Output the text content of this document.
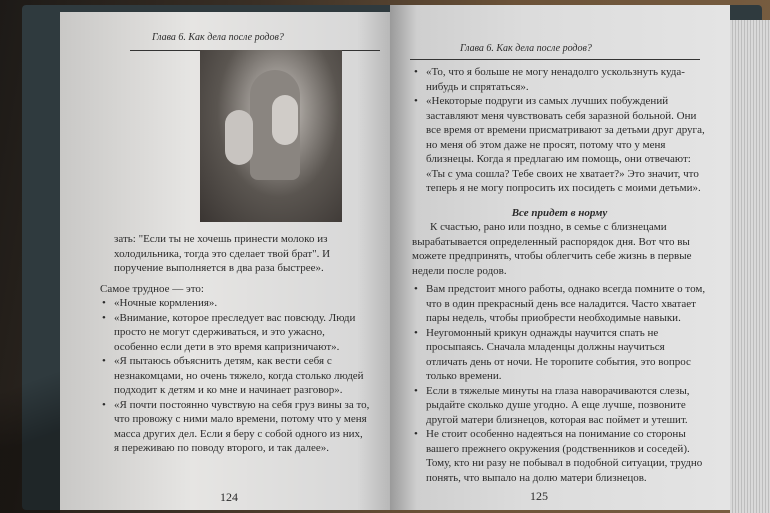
Глава 6. Как дела после родов?

зать: "Если ты не хочешь принести молоко из холодильника, тогда это сделает твой брат". И поручение выполняется в два раза быстрее».

Самое трудное — это:

• «Ночные кормления».

• «Внимание, которое преследует вас повсюду. Люди просто не могут сдерживаться, и это ужасно, особенно если дети в это время капризничают».

• «Я пытаюсь объяснить детям, как вести себя с незнакомцами, но очень тяжело, когда столько людей подходит к детям и ко мне и начинает разговор».

• «Я почти постоянно чувствую на себя груз вины за то, что провожу с ними мало времени, потому что у меня масса других дел. Если я беру с собой одного из них, я переживаю по поводу второго, и так далее».

124
Глава 6. Как дела после родов?

• «То, что я больше не могу ненадолго ускользнуть куда-нибудь и спрятаться».

• «Некоторые подруги из самых лучших побуждений заставляют меня чувствовать себя заразной больной. Они все время от времени присматривают за детьми друг друга, но меня об этом даже не просят, потому что у меня близнецы. Когда я предлагаю им помощь, они отвечают: «Ты с ума сошла? Тебе своих не хватает?» Это значит, что теперь я не могу попросить их посидеть с моими детьми».

Все придет в норму

К счастью, рано или поздно, в семье с близнецами вырабатывается определенный распорядок дня. Вот что вы можете предпринять, чтобы облегчить себе жизнь в первые недели после родов.

• Вам предстоит много работы, однако всегда помните о том, что в один прекрасный день все наладится. Часто хватает пары недель, чтобы приобрести необходимые навыки.

• Неугомонный крикун однажды научится спать не просыпаясь. Сначала младенцы должны научиться отличать день от ночи. Не торопите события, это вопрос только времени.

• Если в тяжелые минуты на глаза наворачиваются слезы, рыдайте сколько душе угодно. А еще лучше, позвоните другой матери близнецов, которая вас поймет и утешит.

• Не стоит особенно надеяться на понимание со стороны вашего прежнего окружения (родственников и соседей). Тому, кто ни разу не побывал в подобной ситуации, трудно понять, что выпало на долю матери близнецов.

125
